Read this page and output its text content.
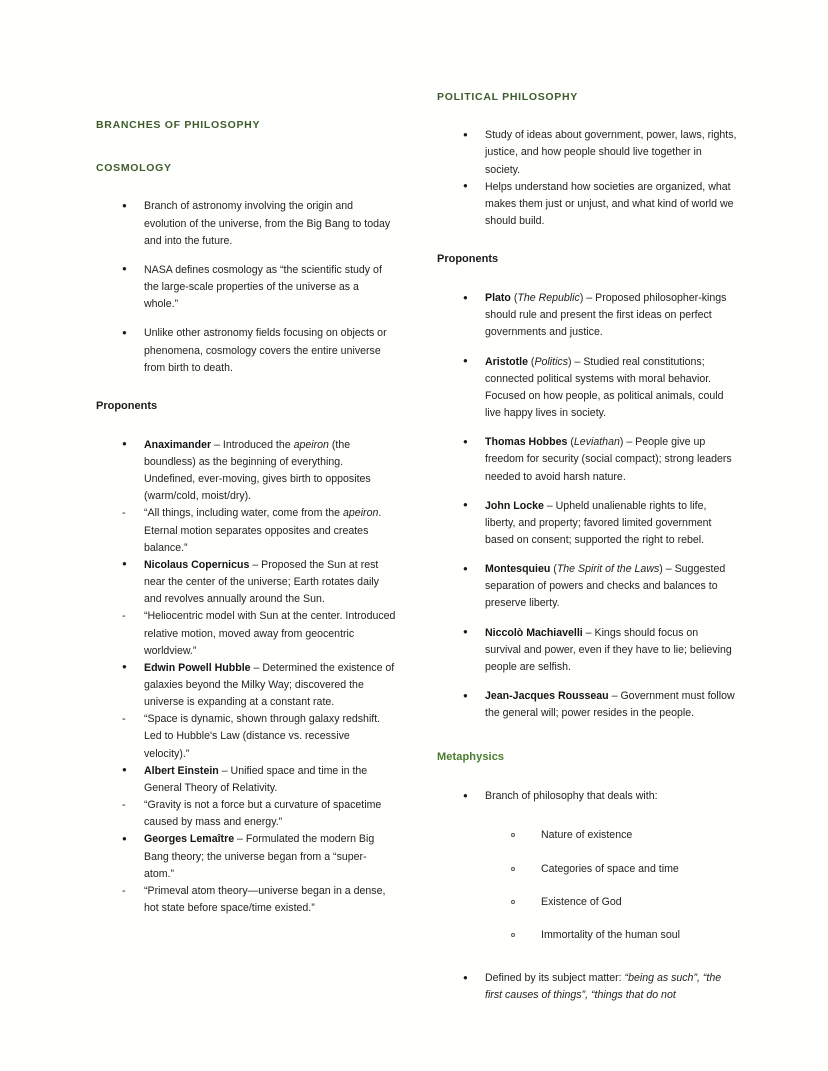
BRANCHES OF PHILOSOPHY
COSMOLOGY
● Branch of astronomy involving the origin and evolution of the universe, from the Big Bang to today and into the future.
● NASA defines cosmology as “the scientific study of the large-scale properties of the universe as a whole.”
● Unlike other astronomy fields focusing on objects or phenomena, cosmology covers the entire universe from birth to death.
Proponents
● Anaximander – Introduced the apeiron (the boundless) as the beginning of everything. Undefined, ever-moving, gives birth to opposites (warm/cold, moist/dry).
- “All things, including water, come from the apeiron. Eternal motion separates opposites and creates balance.”
● Nicolaus Copernicus – Proposed the Sun at rest near the center of the universe; Earth rotates daily and revolves annually around the Sun.
- “Heliocentric model with Sun at the center. Introduced relative motion, moved away from geocentric worldview.”
● Edwin Powell Hubble – Determined the existence of galaxies beyond the Milky Way; discovered the universe is expanding at a constant rate.
- “Space is dynamic, shown through galaxy redshift. Led to Hubble's Law (distance vs. recessive velocity).”
● Albert Einstein – Unified space and time in the General Theory of Relativity.
- “Gravity is not a force but a curvature of spacetime caused by mass and energy.”
● Georges Lemaître – Formulated the modern Big Bang theory; the universe began from a “super-atom.”
- “Primeval atom theory—universe began in a dense, hot state before space/time existed.”
POLITICAL PHILOSOPHY
● Study of ideas about government, power, laws, rights, justice, and how people should live together in society.
● Helps understand how societies are organized, what makes them just or unjust, and what kind of world we should build.
Proponents
● Plato (The Republic) – Proposed philosopher-kings should rule and present the first ideas on perfect governments and justice.
● Aristotle (Politics) – Studied real constitutions; connected political systems with moral behavior. Focused on how people, as political animals, could live happy lives in society.
● Thomas Hobbes (Leviathan) – People give up freedom for security (social compact); strong leaders needed to avoid harsh nature.
● John Locke – Upheld unalienable rights to life, liberty, and property; favored limited government based on consent; supported the right to rebel.
● Montesquieu (The Spirit of the Laws) – Suggested separation of powers and checks and balances to preserve liberty.
● Niccolò Machiavelli – Kings should focus on survival and power, even if they have to lie; believing people are selfish.
● Jean-Jacques Rousseau – Government must follow the general will; power resides in the people.
Metaphysics
● Branch of philosophy that deals with:
Nature of existence
Categories of space and time
Existence of God
Immortality of the human soul
● Defined by its subject matter: “being as such”, “the first causes of things”, “things that do not
